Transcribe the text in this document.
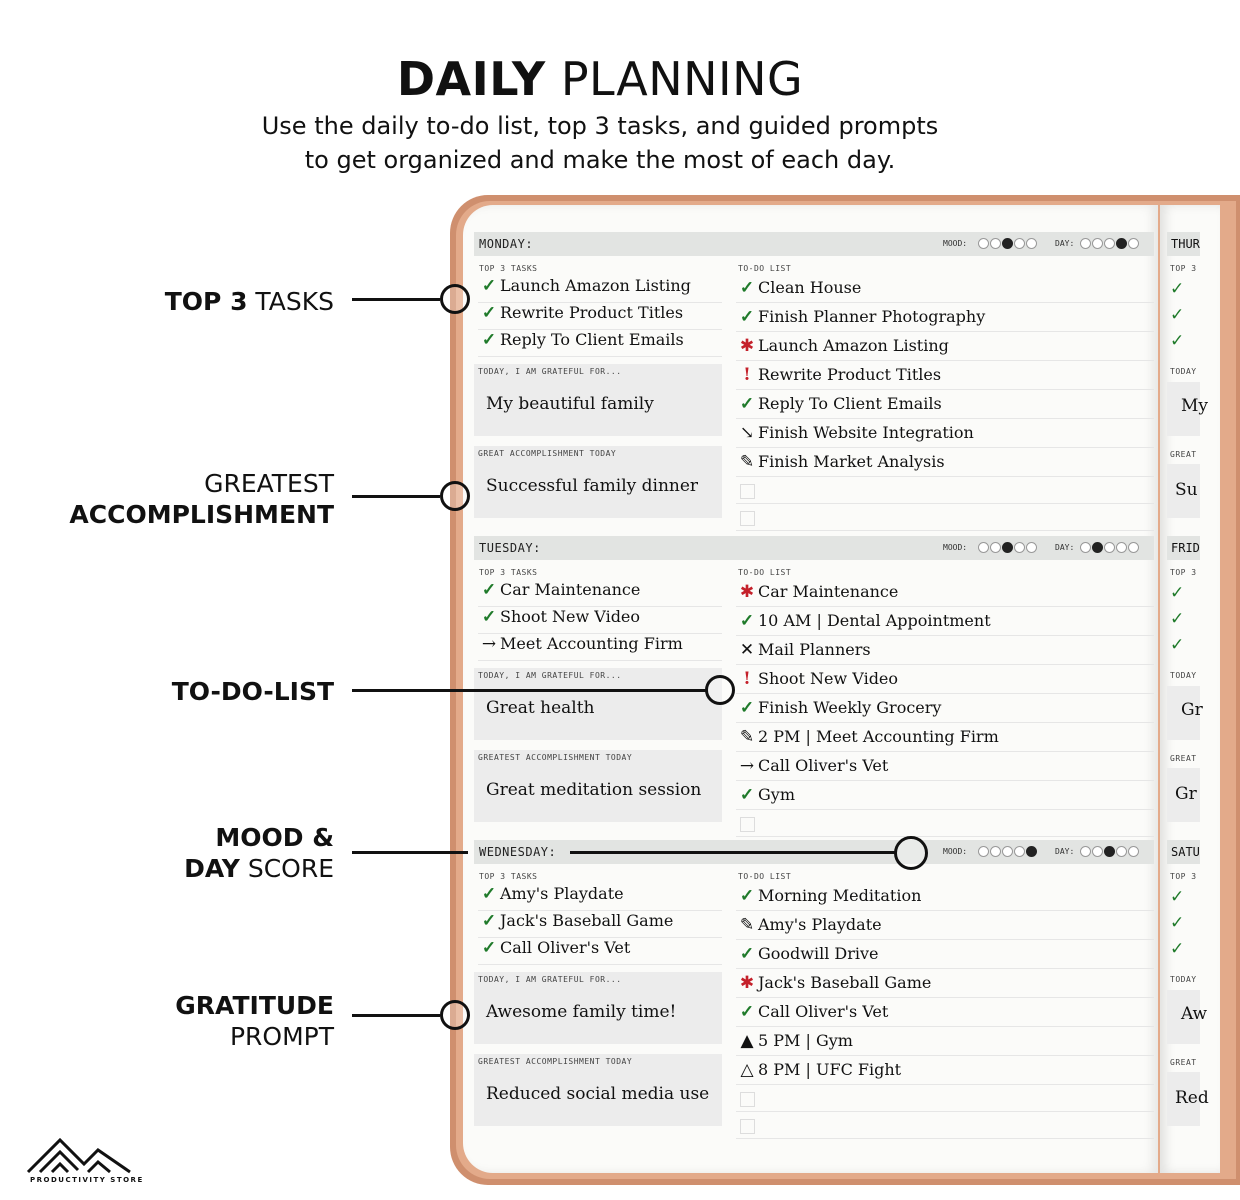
DAILY PLANNING
Use the daily to-do list, top 3 tasks, and guided prompts
to get organized and make the most of each day.
MONDAY:	MOOD:	DAY:
TOP 3 TASKS
✓ Launch Amazon Listing
✓ Rewrite Product Titles
✓ Reply To Client Emails
TODAY, I AM GRATEFUL FOR...
My beautiful family
GREAT ACCOMPLISHMENT TODAY
Successful family dinner
TO-DO LIST
✓ Clean House
✓ Finish Planner Photography
✱ Launch Amazon Listing
! Rewrite Product Titles
✓ Reply To Client Emails
↘ Finish Website Integration
✎ Finish Market Analysis
TUESDAY:	MOOD:	DAY:
TOP 3 TASKS
✓ Car Maintenance
✓ Shoot New Video
→ Meet Accounting Firm
TODAY, I AM GRATEFUL FOR...
Great health
GREATEST ACCOMPLISHMENT TODAY
Great meditation session
TO-DO LIST
✱ Car Maintenance
✓ 10 AM | Dental Appointment
✕ Mail Planners
! Shoot New Video
✓ Finish Weekly Grocery
✎ 2 PM | Meet Accounting Firm
→ Call Oliver's Vet
✓ Gym
WEDNESDAY:	MOOD:	DAY:
TOP 3 TASKS
✓ Amy's Playdate
✓ Jack's Baseball Game
✓ Call Oliver's Vet
TODAY, I AM GRATEFUL FOR...
Awesome family time!
GREATEST ACCOMPLISHMENT TODAY
Reduced social media use
TO-DO LIST
✓ Morning Meditation
✎ Amy's Playdate
✓ Goodwill Drive
✱ Jack's Baseball Game
✓ Call Oliver's Vet
▲ 5 PM | Gym
△ 8 PM | UFC Fight
THUR
TOP 3
✓
✓
✓
TODAY
My
GREAT
Su
FRID
TOP 3
✓
✓
✓
TODAY
Gr
GREAT
Gr
SATU
TOP 3
✓
✓
✓
TODAY
Aw
GREAT
Red
TOP 3 TASKS
GREATEST
ACCOMPLISHMENT
TO-DO-LIST
MOOD &
DAY SCORE
GRATITUDE
PROMPT
PRODUCTIVITY STORE
